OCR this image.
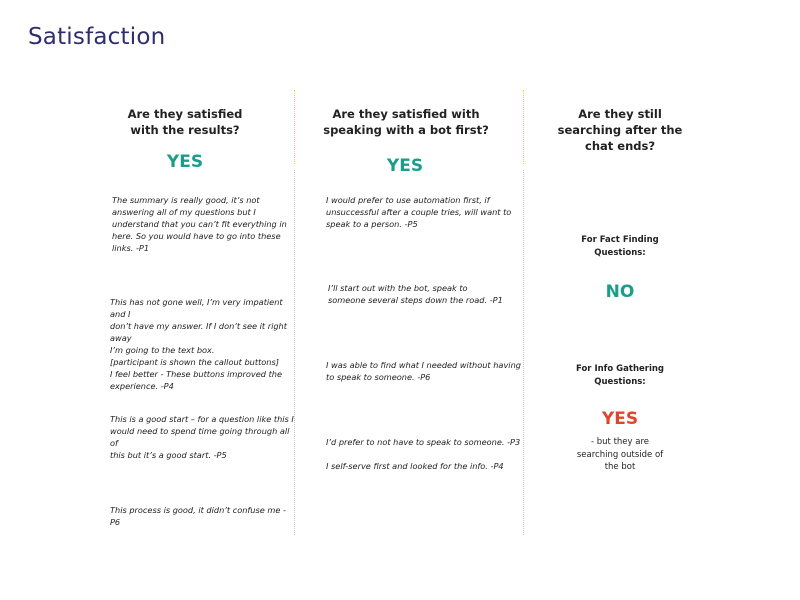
Satisfaction
Are they satisfied
with the results?
YES
The summary is really good, it’s not
answering all of my questions but I
understand that you can’t fit everything in
here. So you would have to go into these
links. -P1
This has not gone well, I’m very impatient and I
don’t have my answer. If I don’t see it right away
I’m going to the text box.
[participant is shown the callout buttons]
I feel better - These buttons improved the
experience. -P4
This is a good start – for a question like this I
would need to spend time going through all of
this but it’s a good start. -P5
This process is good, it didn’t confuse me -P6
Are they satisfied with
speaking with a bot first?
YES
I would prefer to use automation first, if
unsuccessful after a couple tries, will want to
speak to a person. -P5
I’ll start out with the bot, speak to
someone several steps down the road. -P1
I was able to find what I needed without having
to speak to someone. -P6
I’d prefer to not have to speak to someone. -P3
I self-serve first and looked for the info. -P4
Are they still
searching after the
chat ends?
For Fact Finding
Questions:
NO
For Info Gathering
Questions:
YES
- but they are
searching outside of
the bot
